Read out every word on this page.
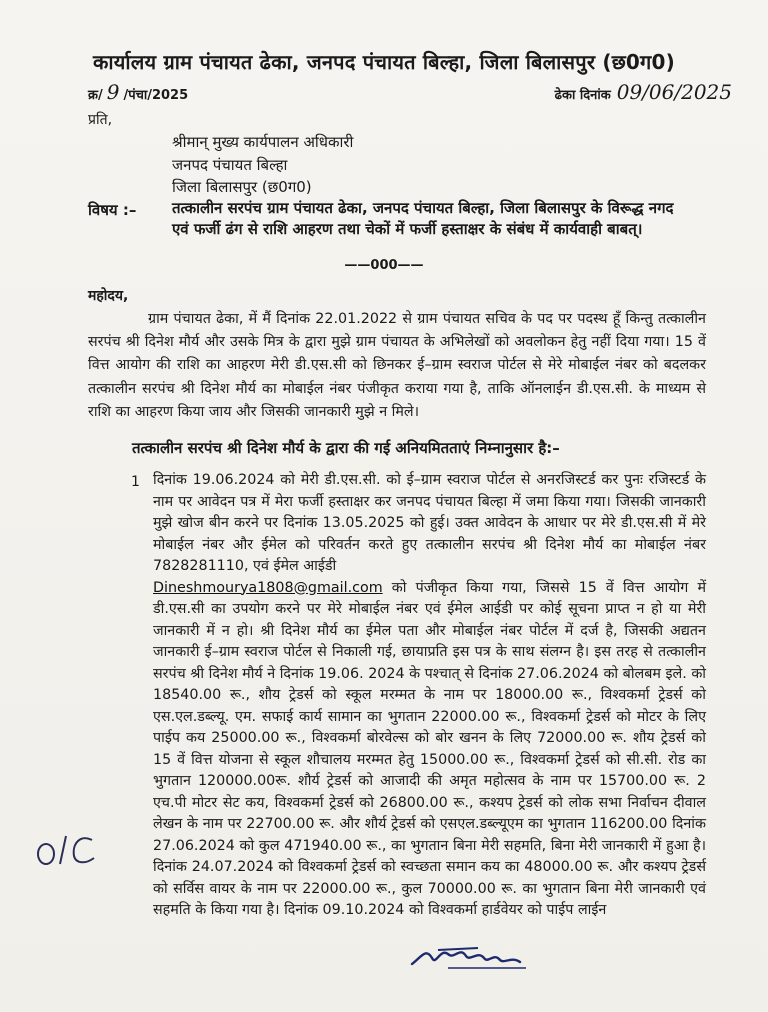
कार्यालय ग्राम पंचायत ढेका, जनपद पंचायत बिल्हा, जिला बिलासपुर (छ0ग0)
क्र/ 9 /पंचा/2025	ढेका दिनांक 09/06/2025
प्रति,
श्रीमान् मुख्य कार्यपालन अधिकारी
जनपद पंचायत बिल्हा
जिला बिलासपुर (छ0ग0)
विषय :– तत्कालीन सरपंच ग्राम पंचायत ढेका, जनपद पंचायत बिल्हा, जिला बिलासपुर के विरूद्ध नगद एवं फर्जी ढंग से राशि आहरण तथा चेकों में फर्जी हस्ताक्षर के संबंध में कार्यवाही बाबत्।
——000——
महोदय,
ग्राम पंचायत ढेका, में मैं दिनांक 22.01.2022 से ग्राम पंचायत सचिव के पद पर पदस्थ हूँ किन्तु तत्कालीन सरपंच श्री दिनेश मौर्य और उसके मित्र के द्वारा मुझे ग्राम पंचायत के अभिलेखों को अवलोकन हेतु नहीं दिया गया। 15 वें वित्त आयोग की राशि का आहरण मेरी डी.एस.सी को छिनकर ई–ग्राम स्वराज पोर्टल से मेरे मोबाईल नंबर को बदलकर तत्कालीन सरपंच श्री दिनेश मौर्य का मोबाईल नंबर पंजीकृत कराया गया है, ताकि ऑनलाईन डी.एस.सी. के माध्यम से राशि का आहरण किया जाय और जिसकी जानकारी मुझे न मिले।
तत्कालीन सरपंच श्री दिनेश मौर्य के द्वारा की गई अनियमितताएं निम्नानुसार है:–
1 दिनांक 19.06.2024 को मेरी डी.एस.सी. को ई–ग्राम स्वराज पोर्टल से अनरजिस्टर्ड कर पुनः रजिस्टर्ड के नाम पर आवेदन पत्र में मेरा फर्जी हस्ताक्षर कर जनपद पंचायत बिल्हा में जमा किया गया। जिसकी जानकारी मुझे खोज बीन करने पर दिनांक 13.05.2025 को हुई। उक्त आवेदन के आधार पर मेरे डी.एस.सी में मेरे मोबाईल नंबर और ईमेल को परिवर्तन करते हुए तत्कालीन सरपंच श्री दिनेश मौर्य का मोबाईल नंबर 7828281110, एवं ईमेल आईडी
Dineshmourya1808@gmail.com को पंजीकृत किया गया, जिससे 15 वें वित्त आयोग में डी.एस.सी का उपयोग करने पर मेरे मोबाईल नंबर एवं ईमेल आईडी पर कोई सूचना प्राप्त न हो या मेरी जानकारी में न हो। श्री दिनेश मौर्य का ईमेल पता और मोबाईल नंबर पोर्टल में दर्ज है, जिसकी अद्यतन जानकारी ई–ग्राम स्वराज पोर्टल से निकाली गई, छायाप्रति इस पत्र के साथ संलग्न है। इस तरह से तत्कालीन सरपंच श्री दिनेश मौर्य ने दिनांक 19.06. 2024 के पश्चात् से दिनांक 27.06.2024 को बोलबम इले. को 18540.00 रू., शौय ट्रेडर्स को स्कूल मरम्मत के नाम पर 18000.00 रू., विश्वकर्मा ट्रेडर्स को एस.एल.डब्ल्यू. एम. सफाई कार्य सामान का भुगतान 22000.00 रू., विश्वकर्मा ट्रेडर्स को मोटर के लिए पाईप कय 25000.00 रू., विश्वकर्मा बोरवेल्स को बोर खनन के लिए 72000.00 रू. शौय ट्रेडर्स को 15 वें वित्त योजना से स्कूल शौचालय मरम्मत हेतु 15000.00 रू., विश्वकर्मा ट्रेडर्स को सी.सी. रोड का भुगतान 120000.00रू. शौर्य ट्रेडर्स को आजादी की अमृत महोत्सव के नाम पर 15700.00 रू. 2 एच.पी मोटर सेट कय, विश्वकर्मा ट्रेडर्स को 26800.00 रू., कश्यप ट्रेडर्स को लोक सभा निर्वाचन दीवाल लेखन के नाम पर 22700.00 रू. और शौर्य ट्रेडर्स को एसएल.डब्ल्यूएम का भुगतान 116200.00 दिनांक 27.06.2024 को कुल 471940.00 रू., का भुगतान बिना मेरी सहमति, बिना मेरी जानकारी में हुआ है। दिनांक 24.07.2024 को विश्वकर्मा ट्रेडर्स को स्वच्छता समान कय का 48000.00 रू. और कश्यप ट्रेडर्स को सर्विस वायर के नाम पर 22000.00 रू., कुल 70000.00 रू. का भुगतान बिना मेरी जानकारी एवं सहमति के किया गया है। दिनांक 09.10.2024 को विश्वकर्मा हार्डवेयर को पाईप लाईन
